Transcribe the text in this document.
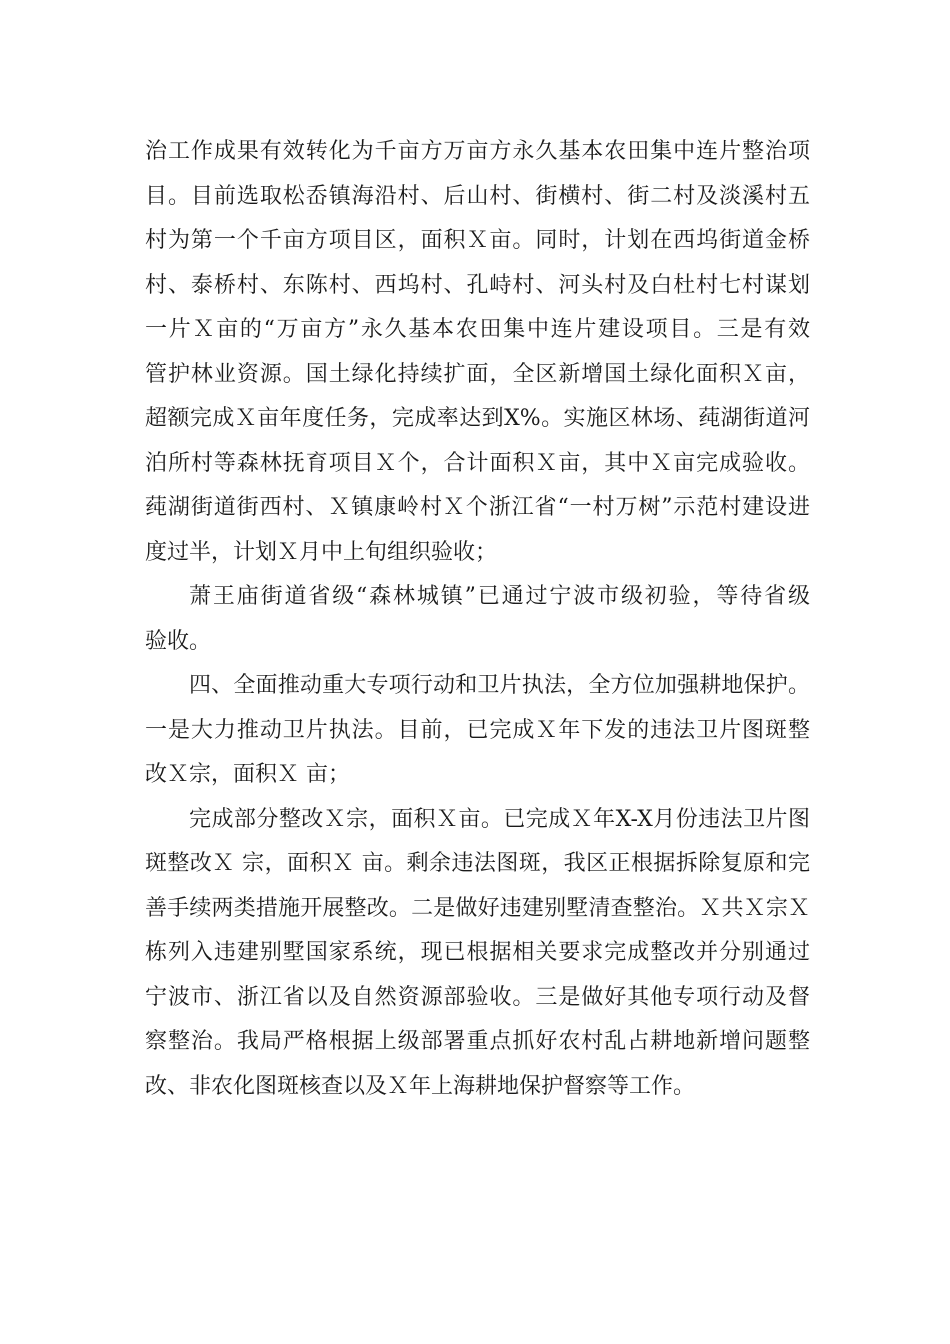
治工作成果有效转化为千亩方万亩方永久基本农田集中连片整治项
目。目前选取松岙镇海沿村、后山村、街横村、街二村及淡溪村五
村为第一个千亩方项目区，面积Ｘ亩。同时，计划在西坞街道金桥
村、泰桥村、东陈村、西坞村、孔峙村、河头村及白杜村七村谋划
一片Ｘ亩的“万亩方”永久基本农田集中连片建设项目。三是有效
管护林业资源。国土绿化持续扩面，全区新增国土绿化面积Ｘ亩，
超额完成Ｘ亩年度任务，完成率达到X%。实施区林场、莼湖街道河
泊所村等森林抚育项目Ｘ个，合计面积Ｘ亩，其中Ｘ亩完成验收。
莼湖街道街西村、Ｘ镇康岭村Ｘ个浙江省“一村万树”示范村建设进
度过半，计划Ｘ月中上旬组织验收；
萧王庙街道省级“森林城镇”已通过宁波市级初验，等待省级
验收。
四、全面推动重大专项行动和卫片执法，全方位加强耕地保护。
一是大力推动卫片执法。目前，已完成Ｘ年下发的违法卫片图斑整
改Ｘ宗，面积Ｘ 亩；
完成部分整改Ｘ宗，面积Ｘ亩。已完成Ｘ年X-X月份违法卫片图
斑整改Ｘ 宗，面积Ｘ 亩。剩余违法图斑，我区正根据拆除复原和完
善手续两类措施开展整改。二是做好违建别墅清查整治。Ｘ共Ｘ宗Ｘ
栋列入违建别墅国家系统，现已根据相关要求完成整改并分别通过
宁波市、浙江省以及自然资源部验收。三是做好其他专项行动及督
察整治。我局严格根据上级部署重点抓好农村乱占耕地新增问题整
改、非农化图斑核查以及Ｘ年上海耕地保护督察等工作。
